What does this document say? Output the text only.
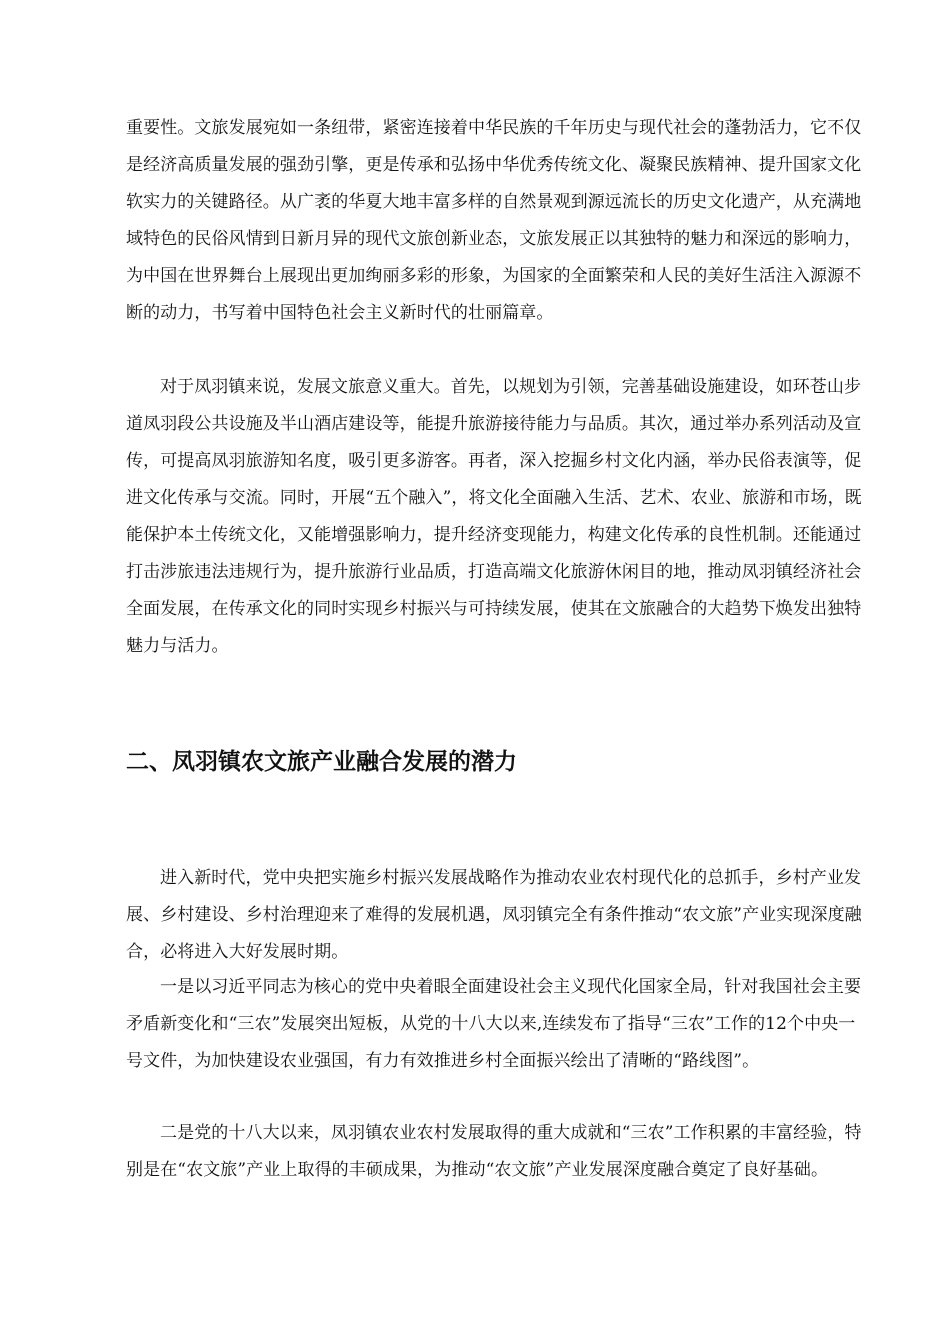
重要性。文旅发展宛如一条纽带，紧密连接着中华民族的千年历史与现代社会的蓬勃活力，它不仅是经济高质量发展的强劲引擎，更是传承和弘扬中华优秀传统文化、凝聚民族精神、提升国家文化软实力的关键路径。从广袤的华夏大地丰富多样的自然景观到源远流长的历史文化遗产，从充满地域特色的民俗风情到日新月异的现代文旅创新业态，文旅发展正以其独特的魅力和深远的影响力，为中国在世界舞台上展现出更加绚丽多彩的形象，为国家的全面繁荣和人民的美好生活注入源源不断的动力，书写着中国特色社会主义新时代的壮丽篇章。

对于凤羽镇来说，发展文旅意义重大。首先，以规划为引领，完善基础设施建设，如环苍山步道凤羽段公共设施及半山酒店建设等，能提升旅游接待能力与品质。其次，通过举办系列活动及宣传，可提高凤羽旅游知名度，吸引更多游客。再者，深入挖掘乡村文化内涵，举办民俗表演等，促进文化传承与交流。同时，开展“五个融入”，将文化全面融入生活、艺术、农业、旅游和市场，既能保护本土传统文化，又能增强影响力，提升经济变现能力，构建文化传承的良性机制。还能通过打击涉旅违法违规行为，提升旅游行业品质，打造高端文化旅游休闲目的地，推动凤羽镇经济社会全面发展，在传承文化的同时实现乡村振兴与可持续发展，使其在文旅融合的大趋势下焕发出独特魅力与活力。

二、凤羽镇农文旅产业融合发展的潜力

进入新时代，党中央把实施乡村振兴发展战略作为推动农业农村现代化的总抓手，乡村产业发展、乡村建设、乡村治理迎来了难得的发展机遇，凤羽镇完全有条件推动“农文旅”产业实现深度融合，必将进入大好发展时期。

一是以习近平同志为核心的党中央着眼全面建设社会主义现代化国家全局，针对我国社会主要矛盾新变化和“三农”发展突出短板，从党的十八大以来,连续发布了指导“三农”工作的12个中央一号文件，为加快建设农业强国，有力有效推进乡村全面振兴绘出了清晰的“路线图”。

二是党的十八大以来，凤羽镇农业农村发展取得的重大成就和“三农”工作积累的丰富经验，特别是在“农文旅”产业上取得的丰硕成果，为推动“农文旅”产业发展深度融合奠定了良好基础。
